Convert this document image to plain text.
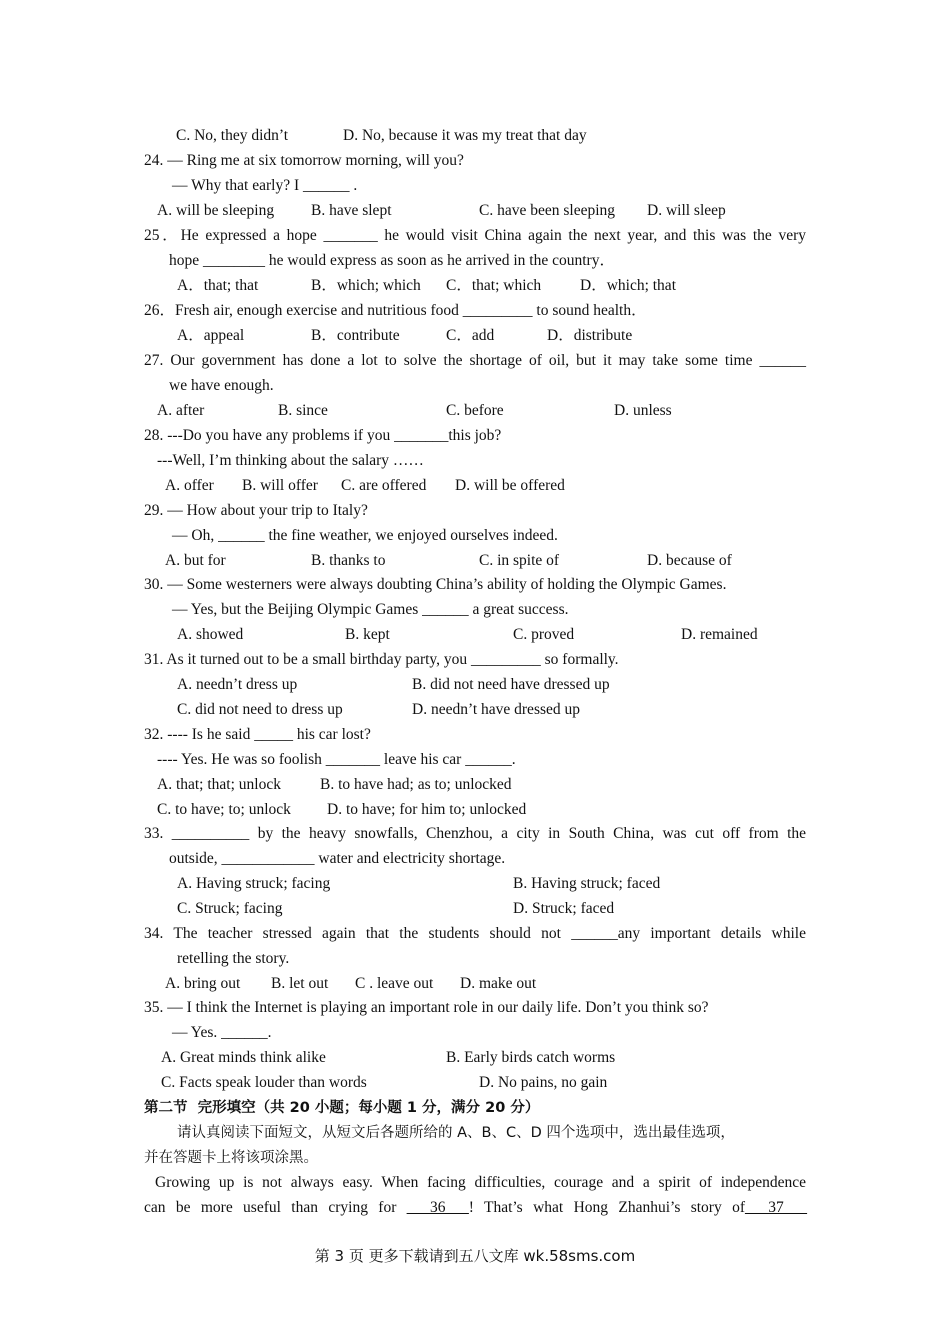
can be more useful than crying for ___36___! That’s what Hong Zhanhui’s story of___37___
第 3 页 更多下载请到五八文库 wk.58sms.com
C. No, they didn’t	D. No, because it was my treat that day
24. — Ring me at six tomorrow morning, will you?
— Why that early? I ______ .
A. will be sleeping B. have slept	C. have been sleeping D. will sleep
25．He expressed a hope _______ he would visit China again the next year, and this was the very
hope ________ he would express as soon as he arrived in the country．
A．that; that	B．which; which C．that; which	D．which; that
26．Fresh air, enough exercise and nutritious food _________ to sound health．
A．appeal	B．contribute	C．add	D．distribute
27. Our government has done a lot to solve the shortage of oil, but it may take some time ______
we have enough.
A. after	B. since	C. before	D. unless
28. ---Do you have any problems if you _______this job?
---Well, I’m thinking about the salary ……
A. offer B. will offer C. are offered D. will be offered
29. — How about your trip to Italy?
— Oh, ______ the fine weather, we enjoyed ourselves indeed.
A. but for	B. thanks to	C. in spite of	D. because of
30. — Some westerners were always doubting China’s ability of holding the Olympic Games.
— Yes, but the Beijing Olympic Games ______ a great success.
A. showed	B. kept	C. proved	D. remained
31. As it turned out to be a small birthday party, you _________ so formally.
A. needn’t dress up	B. did not need have dressed up
C. did not need to dress up	D. needn’t have dressed up
32. ---- Is he said _____ his car lost?
---- Yes. He was so foolish _______ leave his car ______.
A. that; that; unlock	B. to have had; as to; unlocked
C. to have; to; unlock D. to have; for him to; unlocked
33. __________ by the heavy snowfalls, Chenzhou, a city in South China, was cut off from the
outside, ____________ water and electricity shortage.
A. Having struck; facing	B. Having struck; faced
C. Struck; facing	D. Struck; faced
34. The teacher stressed again that the students should not ______any important details while
retelling the story.
A. bring out B. let out C . leave out D. make out
35. — I think the Internet is playing an important role in our daily life. Don’t you think so?
— Yes. ______.
A. Great minds think alike	B. Early birds catch worms
C. Facts speak louder than words	D. No pains, no gain
第二节  完形填空（共 20 小题；每小题 1 分，满分 20 分）
请认真阅读下面短文，从短文后各题所给的 A、B、C、D 四个选项中，选出最佳选项，
并在答题卡上将该项涂黑。
Growing up is not always easy. When facing difficulties, courage and a spirit of independence
